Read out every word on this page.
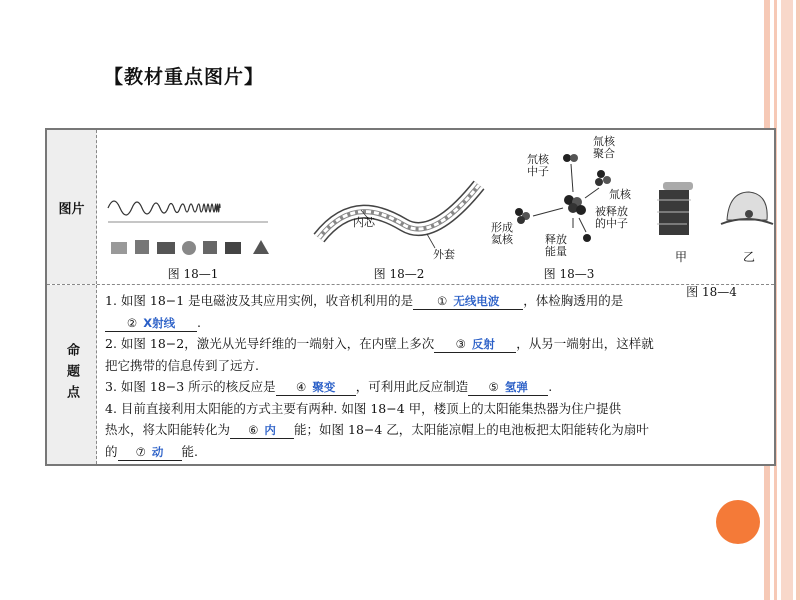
【教材重点图片】
图片
命题点
图 18—1
内芯
外套
图 18—2
氘核中子
氚核聚合
氚核
形成氦核	释放能量
被释放的中子
图 18—3
甲	乙
图 18—4
1. 如图 18−1 是电磁波及其应用实例，收音机利用的是 ① 无线电波 ，体检胸透用的是
② X射线 .
2. 如图 18−2，激光从光导纤维的一端射入，在内壁上多次 ③ 反射 ，从另一端射出，这样就
把它携带的信息传到了远方.
3. 如图 18−3 所示的核反应是 ④ 聚变 ，可利用此反应制造 ⑤ 氢弹 .
4. 目前直接利用太阳能的方式主要有两种. 如图 18−4 甲，楼顶上的太阳能集热器为住户提供
热水，将太阳能转化为 ⑥ 内 能；如图 18−4 乙，太阳能凉帽上的电池板把太阳能转化为扇叶
的 ⑦ 动 能.
